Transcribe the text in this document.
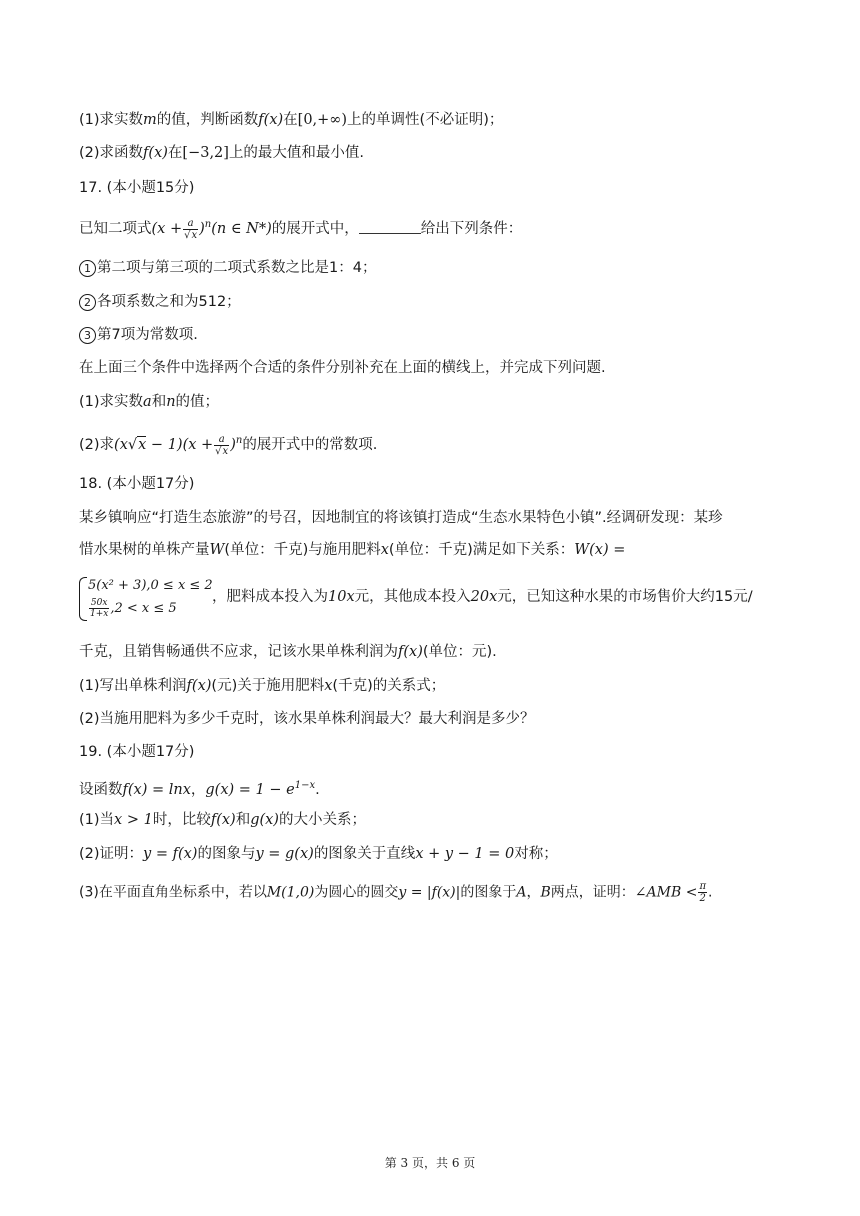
(1)求实数m的值，判断函数f(x)在[0,+∞)上的单调性(不必证明)；
(2)求函数f(x)在[−3,2]上的最大值和最小值.
17. (本小题15分)
已知二项式$(x + \frac{a}{√x} )^n(n$ ∈ N*)的展开式中，	给出下列条件：
1 第二项与第三项的二项式系数之比是1：4；
2 各项系数之和为512；
3 第7项为常数项.
在上面三个条件中选择两个合适的条件分别补充在上面的横线上，并完成下列问题.
(1)求实数a和n的值；
(2)求$(x√x - 1)(x + \frac{a}{√x} )^n$的展开式中的常数项.
18. (本小题17分)
某乡镇响应“打造生态旅游”的号召，因地制宜的将该镇打造成“生态水果特色小镇”.经调研发现：某珍
惜水果树的单株产量W(单位：千克)与施用肥料x(单位：千克)满足如下关系：W(x) =
5(x² + 3),0 ≤ x ≤ 2
$\frac{50x}{1+x} ,2 < x \le 5$
，肥料成本投入为10x元，其他成本投入20x元，已知这种水果的市场售价大约15元/
千克，且销售畅通供不应求，记该水果单株利润为f(x)(单位：元).
(1)写出单株利润f(x)(元)关于施用肥料x(千克)的关系式；
(2)当施用肥料为多少千克时，该水果单株利润最大？最大利润是多少？
19. (本小题17分)
设函数f(x) = lnx，$g(x) = 1 - e^{1-x}$.
(1)当x > 1时，比较f(x)和g(x)的大小关系；
(2)证明：y = f(x)的图象与y = g(x)的图象关于直线x + y − 1 = 0对称；
(3)在平面直角坐标系中，若以M(1,0)为圆心的圆交y = |f(x)|的图象于A，B两点，证明：∠AMB < $\frac{\pi}{2}$ .
第 3 页，共 6 页
